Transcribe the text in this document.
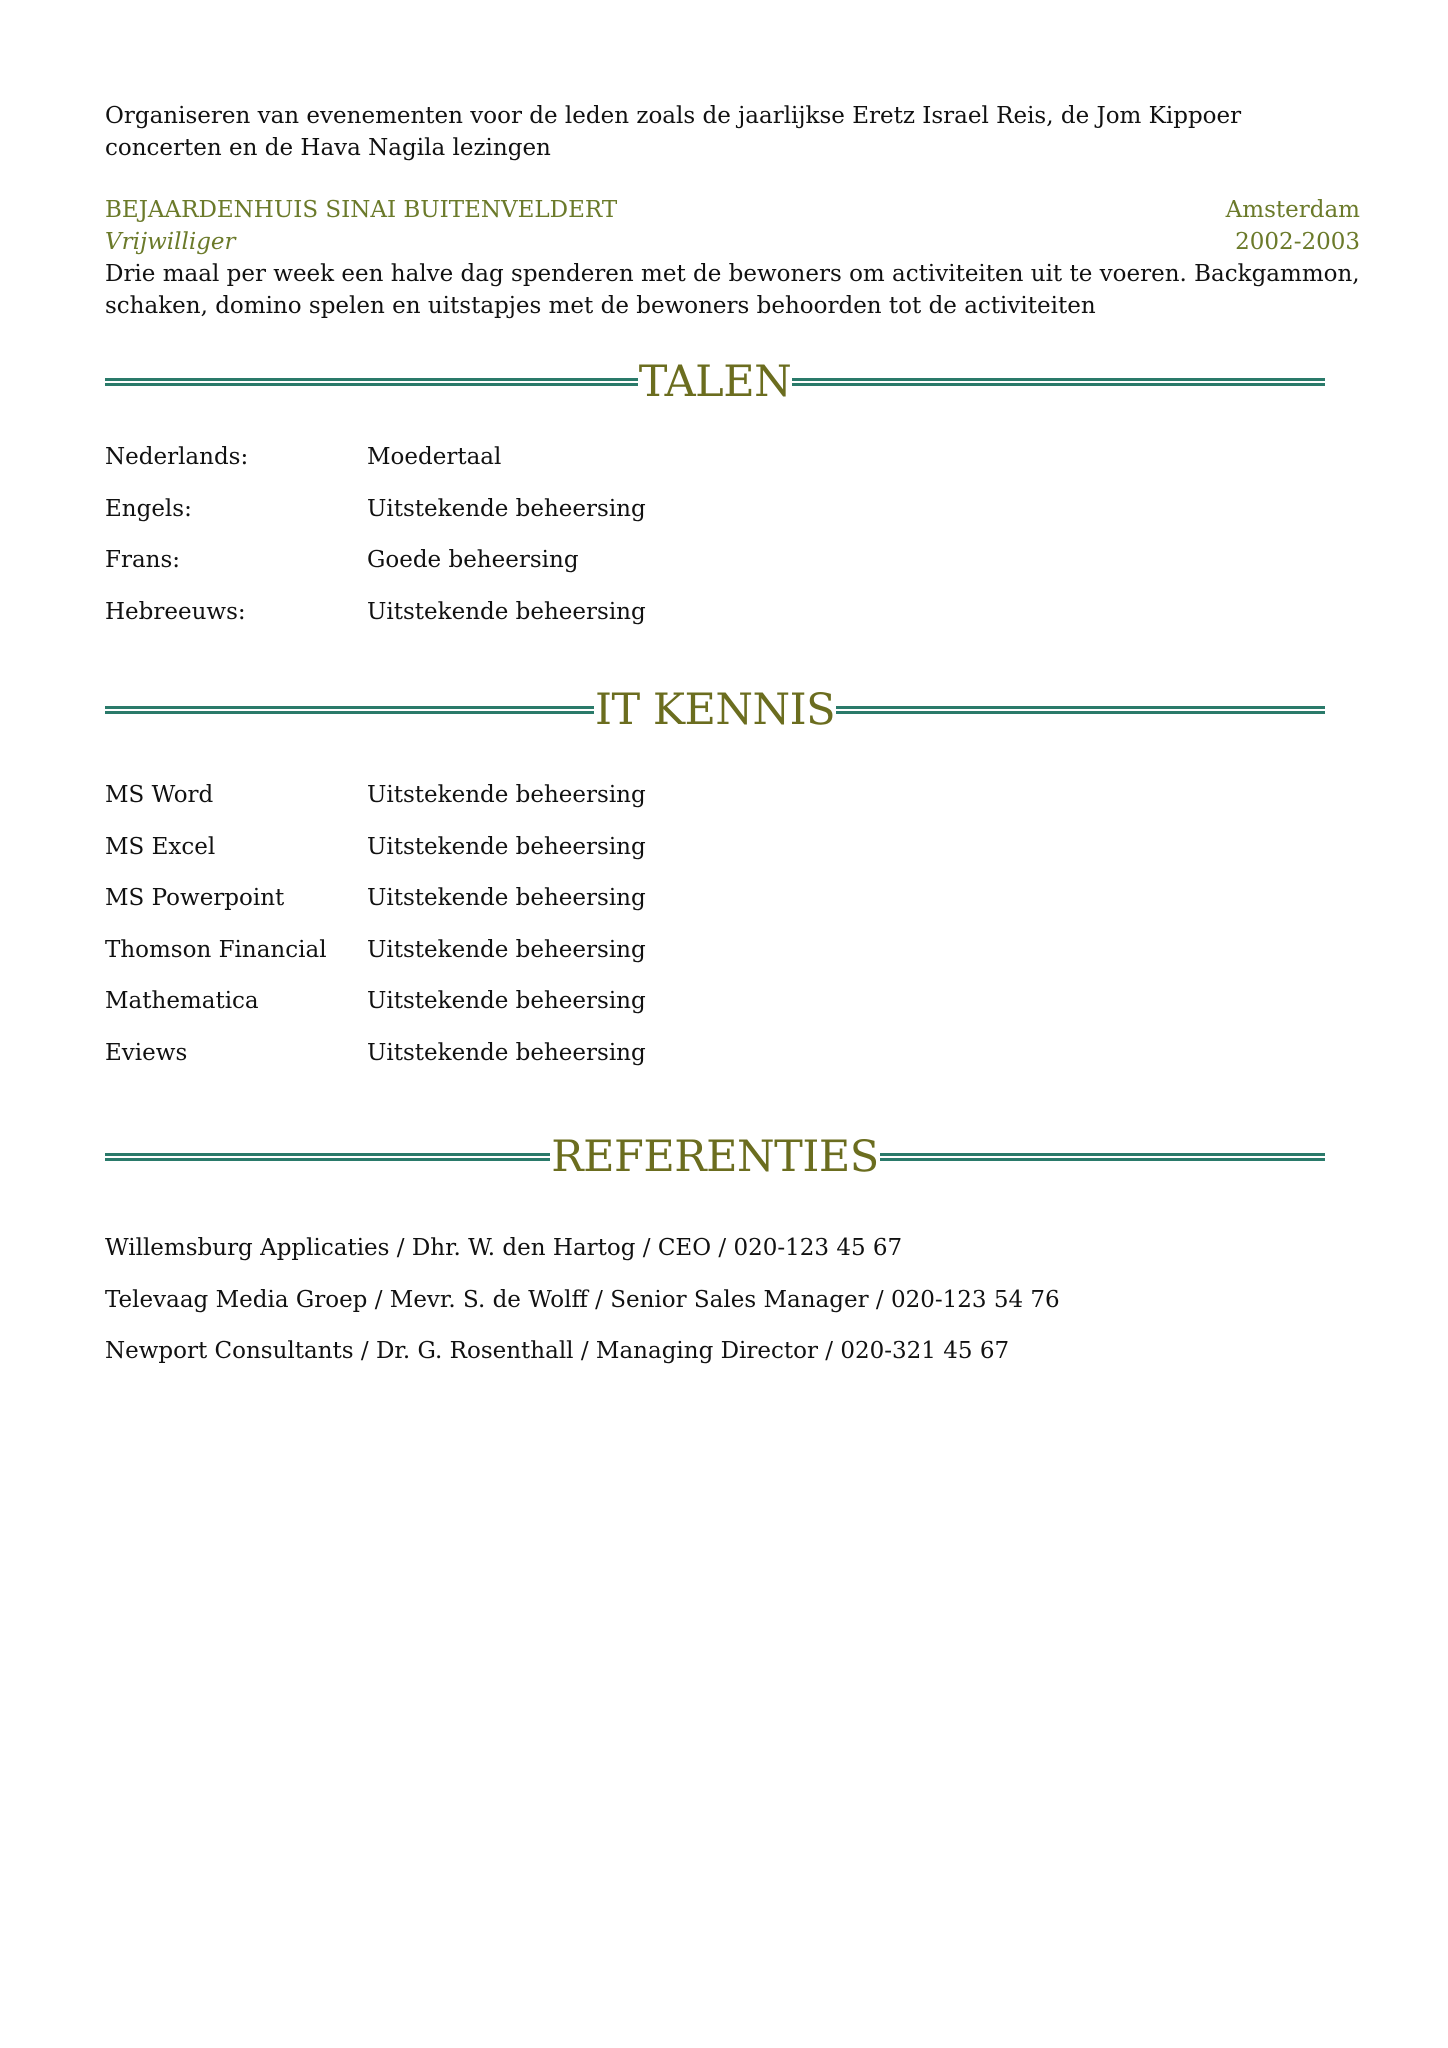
Organiseren van evenementen voor de leden zoals de jaarlijkse Eretz Israel Reis, de Jom Kippoer concerten en de Hava Nagila lezingen

BEJAARDENHUIS SINAI BUITENVELDERT	Amsterdam
Vrijwilliger	2002-2003

Drie maal per week een halve dag spenderen met de bewoners om activiteiten uit te voeren. Backgammon, schaken, domino spelen en uitstapjes met de bewoners behoorden tot de activiteiten

TALEN
Nederlands:	Moedertaal
Engels:	Uitstekende beheersing
Frans:	Goede beheersing
Hebreeuws:	Uitstekende beheersing
IT KENNIS
MS Word	Uitstekende beheersing
MS Excel	Uitstekende beheersing
MS Powerpoint	Uitstekende beheersing
Thomson Financial	Uitstekende beheersing
Mathematica	Uitstekende beheersing
Eviews	Uitstekende beheersing
REFERENTIES
Willemsburg Applicaties / Dhr. W. den Hartog / CEO / 020-123 45 67
Televaag Media Groep / Mevr. S. de Wolff / Senior Sales Manager / 020-123 54 76
Newport Consultants / Dr. G. Rosenthall / Managing Director / 020-321 45 67
